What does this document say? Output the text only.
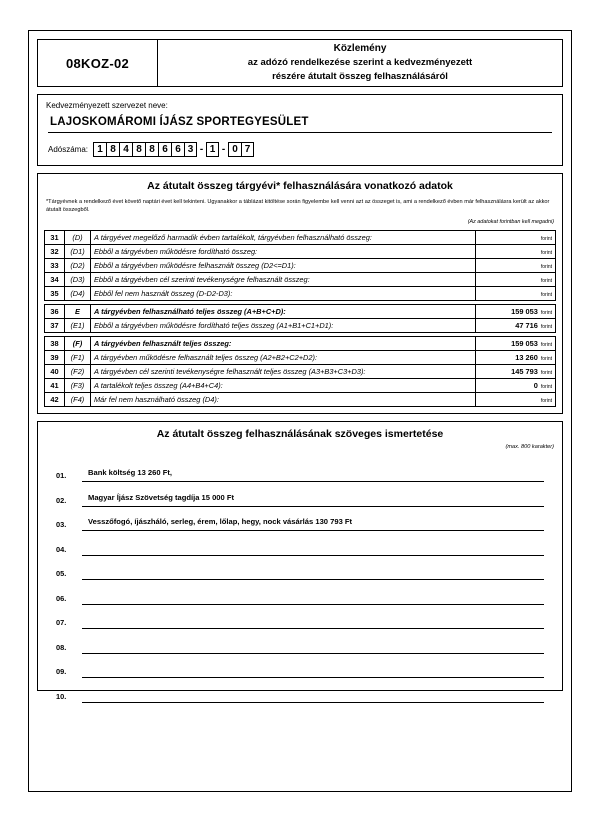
08KOZ-02
Közlemény
az adózó rendelkezése szerint a kedvezményezett
részére átutalt összeg felhasználásáról
Kedvezményezett szervezet neve:
LAJOSKOMÁROMI ÍJÁSZ SPORTEGYESÜLET
Adószáma: 1 8 4 8 8 6 6 3 - 1 - 0 7
Az átutalt összeg tárgyévi* felhasználására vonatkozó adatok
*Tárgyévnek a rendelkező évet követő naptári évet kell tekinteni. Ugyanakkor a táblázat kitöltése során figyelembe kell venni azt az összeget is, ami a rendelkező évben már felhasználásra került az akkor átutalt összegből.
(Az adatokat forintban kell megadni)
31	(D)	A tárgyévet megelőző harmadik évben tartalékolt, tárgyévben felhasználható összeg:	forint
32	(D1)	Ebből a tárgyévben működésre fordítható összeg:	forint
33	(D2)	Ebből a tárgyévben működésre felhasznált összeg (D2<=D1):	forint
34	(D3)	Ebből a tárgyévben cél szerinti tevékenységre felhasznált összeg:	forint
35	(D4)	Ebből fel nem használt összeg (D-D2-D3):	forint

36	E	A tárgyévben felhasználható teljes összeg (A+B+C+D):	159 053 forint
37	(E1)	Ebből a tárgyévben működésre fordítható teljes összeg (A1+B1+C1+D1):	47 716 forint

38	(F)	A tárgyévben felhasznált teljes összeg:	159 053 forint
39	(F1)	A tárgyévben működésre felhasznált teljes összeg (A2+B2+C2+D2):	13 260 forint
40	(F2)	A tárgyévben cél szerinti tevékenységre felhasznált teljes összeg (A3+B3+C3+D3):	145 793 forint
41	(F3)	A tartalékolt teljes összeg (A4+B4+C4):	0 forint
42	(F4)	Már fel nem használható összeg (D4):	forint
Az átutalt összeg felhasználásának szöveges ismertetése
(max. 800 karakter)
01.	Bank költség 13 260 Ft,
02.	Magyar Íjász Szövetség tagdíja 15 000 Ft
03.	Vesszőfogó, íjászháló, serleg, érem, lőlap, hegy, nock vásárlás 130 793 Ft
04.
05.
06.
07.
08.
09.
10.
